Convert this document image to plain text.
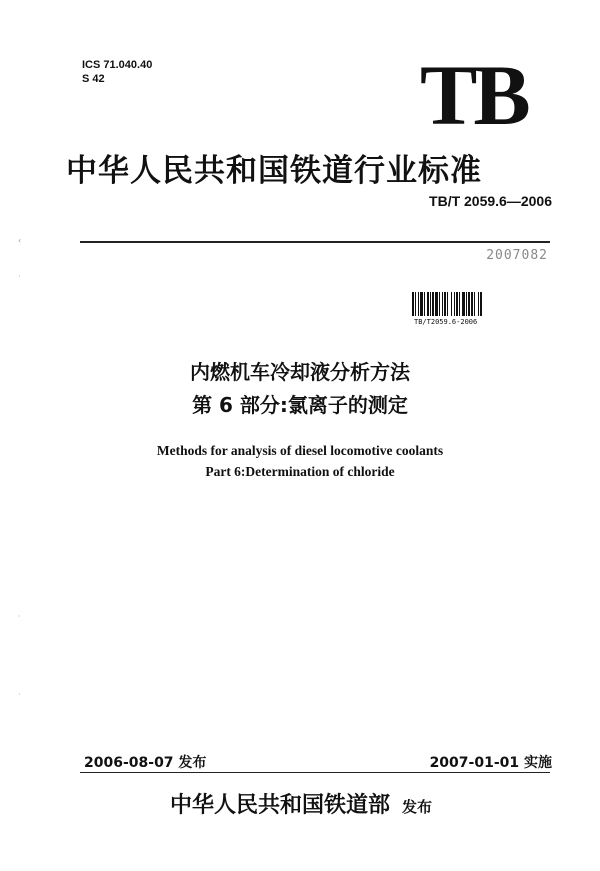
ICS 71.040.40
S 42	TB
中华人民共和国铁道行业标准
TB/T 2059.6—2006
2007082
TB/T2059.6-2006
内燃机车冷却液分析方法
第 6 部分:氯离子的测定
Methods for analysis of diesel locomotive coolants
Part 6:Determination of chloride
2006-08-07 发布	2007-01-01 实施
中华人民共和国铁道部 发布
‹
·
·
·
